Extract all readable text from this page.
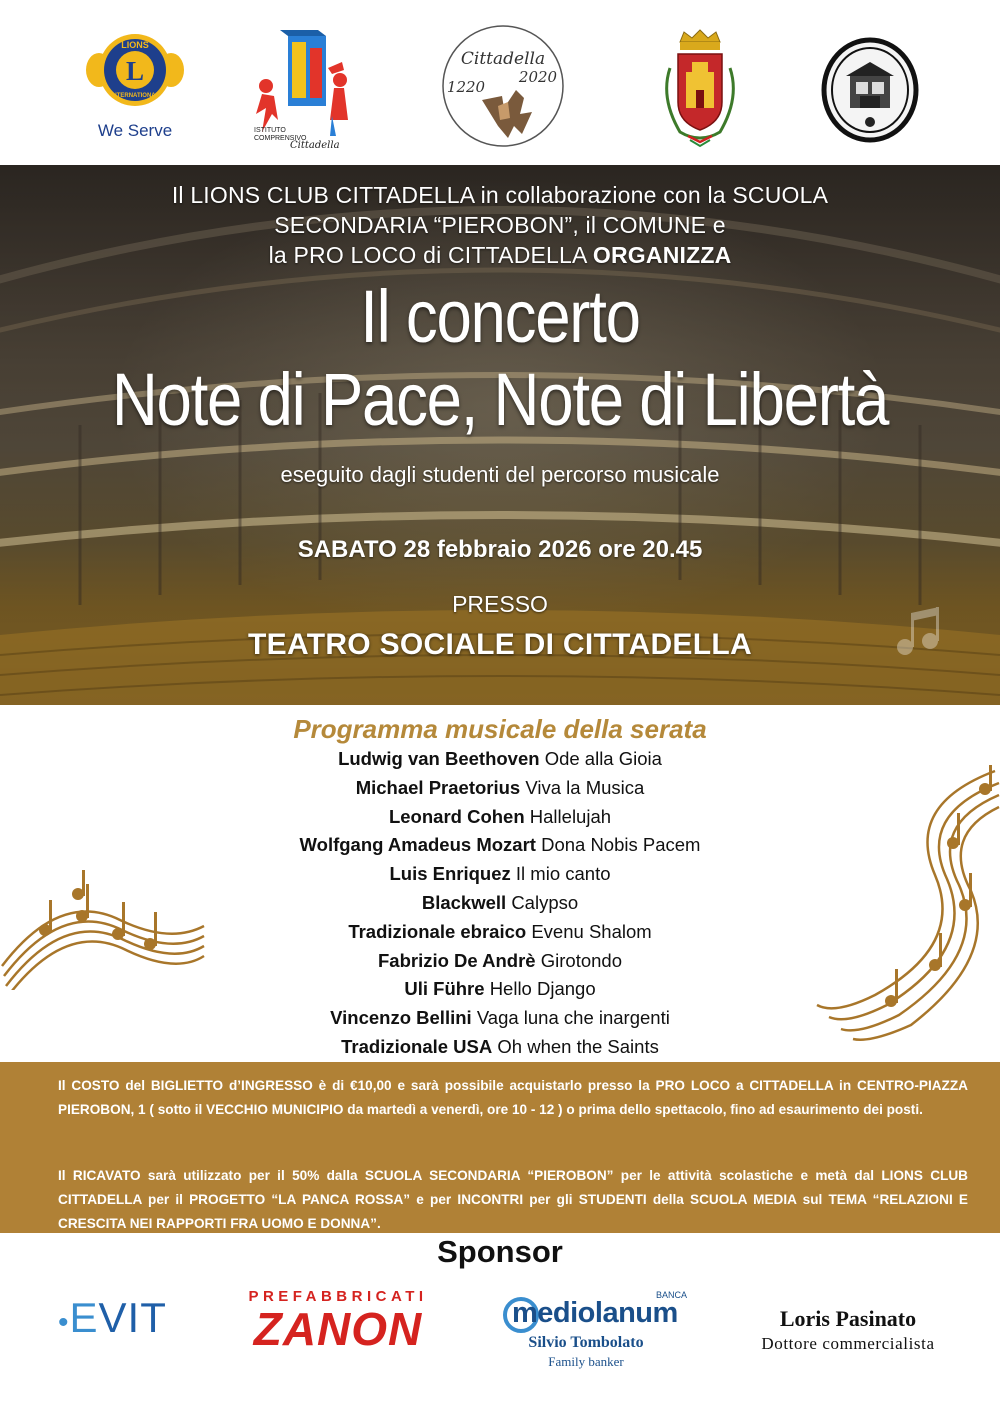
L
LIONS
INTERNATIONAL
We Serve	ISTITUTO
COMPRENSIVO
Cittadella
Cittadella
1220
2020
Il LIONS CLUB CITTADELLA in collaborazione con la SCUOLA
SECONDARIA “PIEROBON”, il COMUNE e
la PRO LOCO di CITTADELLA ORGANIZZA
Il concerto
Note di Pace, Note di Libertà
eseguito dagli studenti del percorso musicale
SABATO 28 febbraio 2026 ore 20.45
PRESSO
TEATRO SOCIALE DI CITTADELLA
Programma musicale della serata
Ludwig van Beethoven Ode alla Gioia
Michael Praetorius Viva la Musica
Leonard Cohen Hallelujah
Wolfgang Amadeus Mozart Dona Nobis Pacem
Luis Enriquez Il mio canto
Blackwell Calypso
Tradizionale ebraico Evenu Shalom
Fabrizio De Andrè Girotondo
Uli Führe Hello Django
Vincenzo Bellini Vaga luna che inargenti
Tradizionale USA Oh when the Saints
Il COSTO del BIGLIETTO d’INGRESSO è di €10,00 e sarà possibile acquistarlo presso la PRO LOCO a CITTADELLA in CENTRO-PIAZZA PIEROBON, 1 ( sotto il VECCHIO MUNICIPIO da martedì a venerdì, ore 10 - 12 ) o prima dello spettacolo, fino ad esaurimento dei posti.
Il RICAVATO sarà utilizzato per il 50% dalla SCUOLA SECONDARIA “PIEROBON” per le attività scolastiche e metà dal LIONS CLUB CITTADELLA per il PROGETTO “LA PANCA ROSSA” e per INCONTRI per gli STUDENTI della SCUOLA MEDIA sul TEMA “RELAZIONI E CRESCITA NEI RAPPORTI FRA UOMO E DONNA”.
Sponsor
•EVIT	PREFABBRICATI
ZANON
BANCA
mediolanum
Silvio Tombolato
Family banker
Loris Pasinato
Dottore commercialista
